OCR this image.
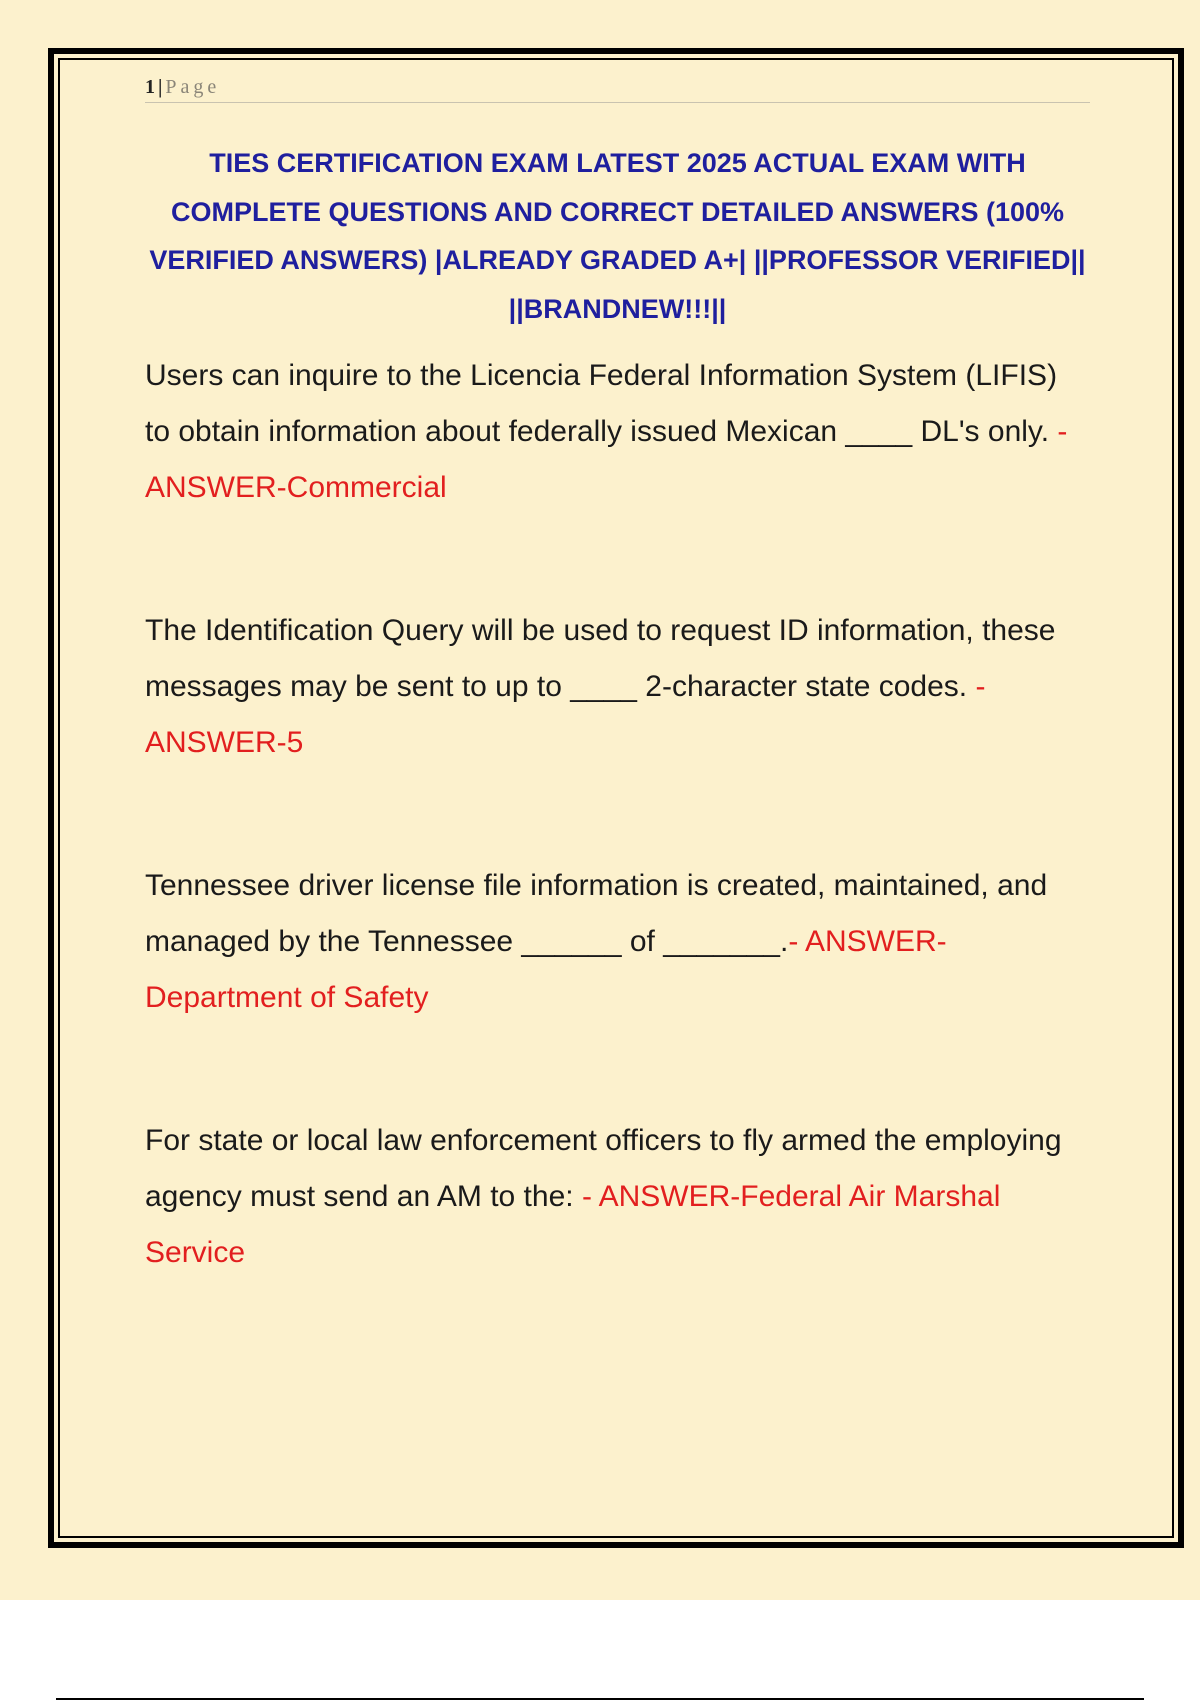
1 | Page
TIES CERTIFICATION EXAM LATEST 2025 ACTUAL EXAM WITH COMPLETE QUESTIONS AND CORRECT DETAILED ANSWERS (100% VERIFIED ANSWERS) |ALREADY GRADED A+| ||PROFESSOR VERIFIED|| ||BRANDNEW!!!||
Users can inquire to the Licencia Federal Information System (LIFIS) to obtain information about federally issued Mexican ____ DL's only. - ANSWER-Commercial
The Identification Query will be used to request ID information, these messages may be sent to up to ____ 2-character state codes. - ANSWER-5
Tennessee driver license file information is created, maintained, and managed by the Tennessee ______ of _______.- ANSWER-Department of Safety
For state or local law enforcement officers to fly armed the employing agency must send an AM to the: - ANSWER-Federal Air Marshal Service
